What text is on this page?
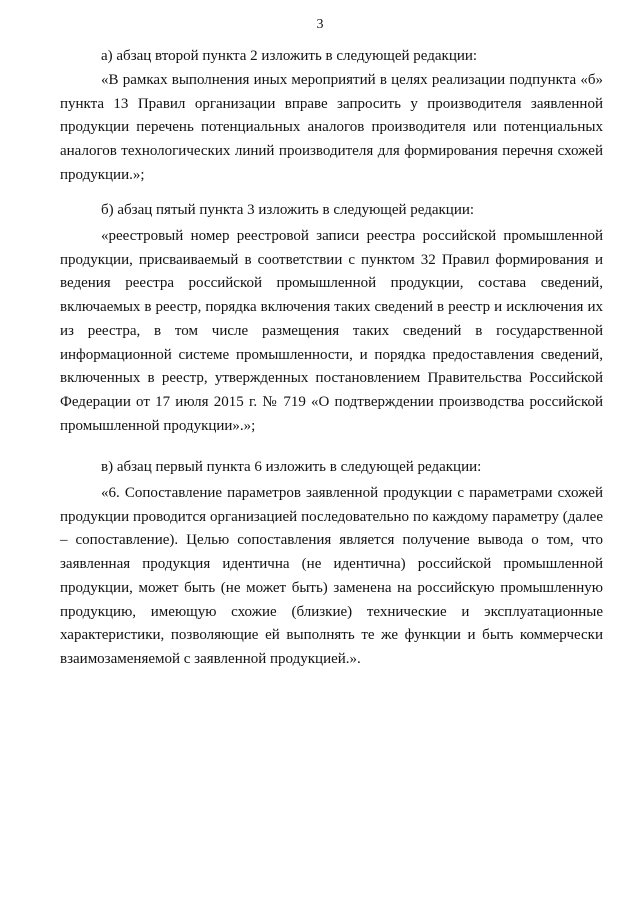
3

а) абзац второй пункта 2 изложить в следующей редакции:

«В рамках выполнения иных мероприятий в целях реализации подпункта «б» пункта 13 Правил организации вправе запросить у производителя заявленной продукции перечень потенциальных аналогов производителя или потенциальных аналогов технологических линий производителя для формирования перечня схожей продукции.»;

б) абзац пятый пункта 3 изложить в следующей редакции:

«реестровый номер реестровой записи реестра российской промышленной продукции, присваиваемый в соответствии с пунктом 32 Правил формирования и ведения реестра российской промышленной продукции, состава сведений, включаемых в реестр, порядка включения таких сведений в реестр и исключения их из реестра, в том числе размещения таких сведений в государственной информационной системе промышленности, и порядка предоставления сведений, включенных в реестр, утвержденных постановлением Правительства Российской Федерации от 17 июля 2015 г. № 719 «О подтверждении производства российской промышленной продукции».»;

в) абзац первый пункта 6 изложить в следующей редакции:

«6. Сопоставление параметров заявленной продукции с параметрами схожей продукции проводится организацией последовательно по каждому параметру (далее – сопоставление). Целью сопоставления является получение вывода о том, что заявленная продукция идентична (не идентична) российской промышленной продукции, может быть (не может быть) заменена на российскую промышленную продукцию, имеющую схожие (близкие) технические и эксплуатационные характеристики, позволяющие ей выполнять те же функции и быть коммерчески взаимозаменяемой с заявленной продукцией.».
